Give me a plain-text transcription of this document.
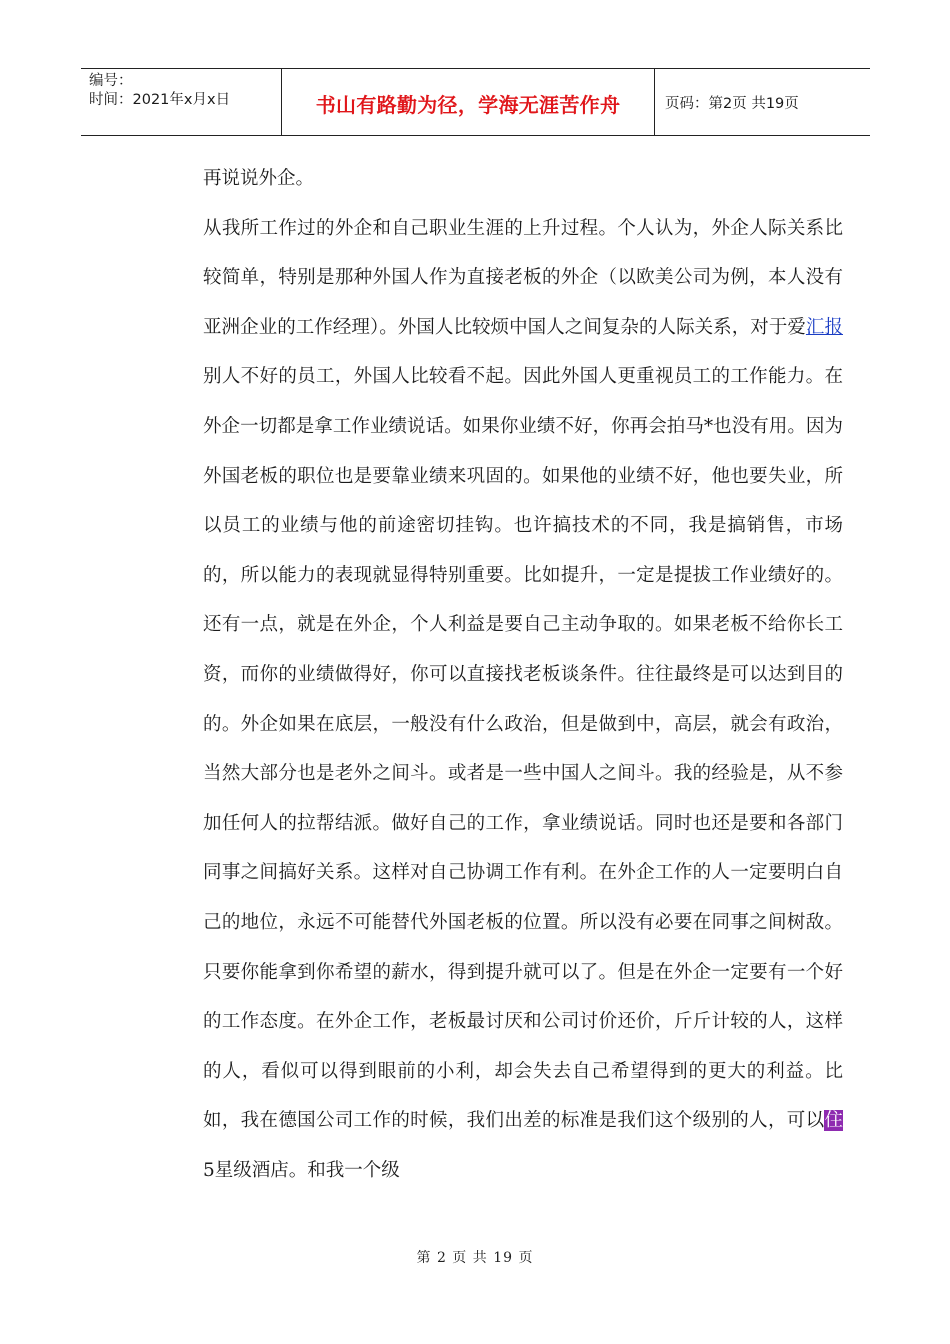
编号：
时间：2021年x月x日	书山有路勤为径，学海无涯苦作舟	页码：第2页 共19页

再说说外企。

从我所工作过的外企和自己职业生涯的上升过程。个人认为，外企人际关系比较简单，特别是那种外国人作为直接老板的外企（以欧美公司为例，本人没有亚洲企业的工作经理）。外国人比较烦中国人之间复杂的人际关系，对于爱汇报别人不好的员工，外国人比较看不起。因此外国人更重视员工的工作能力。在外企一切都是拿工作业绩说话。如果你业绩不好，你再会拍马*也没有用。因为外国老板的职位也是要靠业绩来巩固的。如果他的业绩不好，他也要失业，所以员工的业绩与他的前途密切挂钩。也许搞技术的不同，我是搞销售，市场的，所以能力的表现就显得特别重要。比如提升，一定是提拔工作业绩好的。还有一点，就是在外企，个人利益是要自己主动争取的。如果老板不给你长工资，而你的业绩做得好，你可以直接找老板谈条件。往往最终是可以达到目的的。外企如果在底层，一般没有什么政治，但是做到中，高层，就会有政治，当然大部分也是老外之间斗。或者是一些中国人之间斗。我的经验是，从不参加任何人的拉帮结派。做好自己的工作，拿业绩说话。同时也还是要和各部门同事之间搞好关系。这样对自己协调工作有利。在外企工作的人一定要明白自己的地位，永远不可能替代外国老板的位置。所以没有必要在同事之间树敌。只要你能拿到你希望的薪水，得到提升就可以了。但是在外企一定要有一个好的工作态度。在外企工作，老板最讨厌和公司讨价还价，斤斤计较的人，这样的人，看似可以得到眼前的小利，却会失去自己希望得到的更大的利益。比如，我在德国公司工作的时候，我们出差的标准是我们这个级别的人，可以住5星级酒店。和我一个级

第 2 页 共 19 页
